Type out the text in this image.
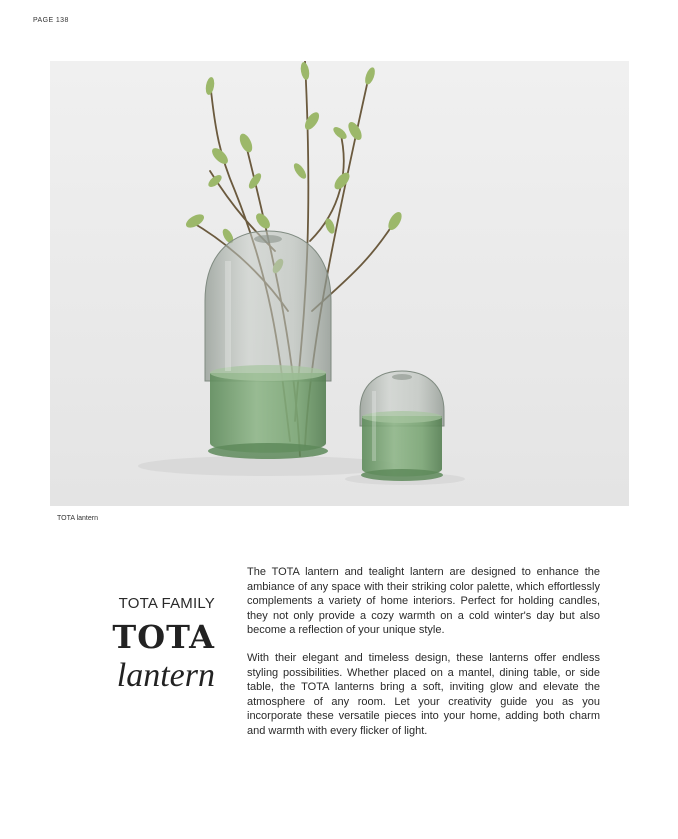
PAGE 138
TOTA lantern
TOTA FAMILY
TOTA
lantern

The TOTA lantern and tealight lantern are designed to enhance the ambiance of any space with their striking color palette, which effortlessly complements a variety of home interiors. Perfect for holding candles, they not only provide a cozy warmth on a cold winter's day but also become a reflection of your unique style.

With their elegant and timeless design, these lanterns offer endless styling possibilities. Whether placed on a mantel, dining table, or side table, the TOTA lanterns bring a soft, inviting glow and elevate the atmosphere of any room. Let your creativity guide you as you incorporate these versatile pieces into your home, adding both charm and warmth with every flicker of light.
